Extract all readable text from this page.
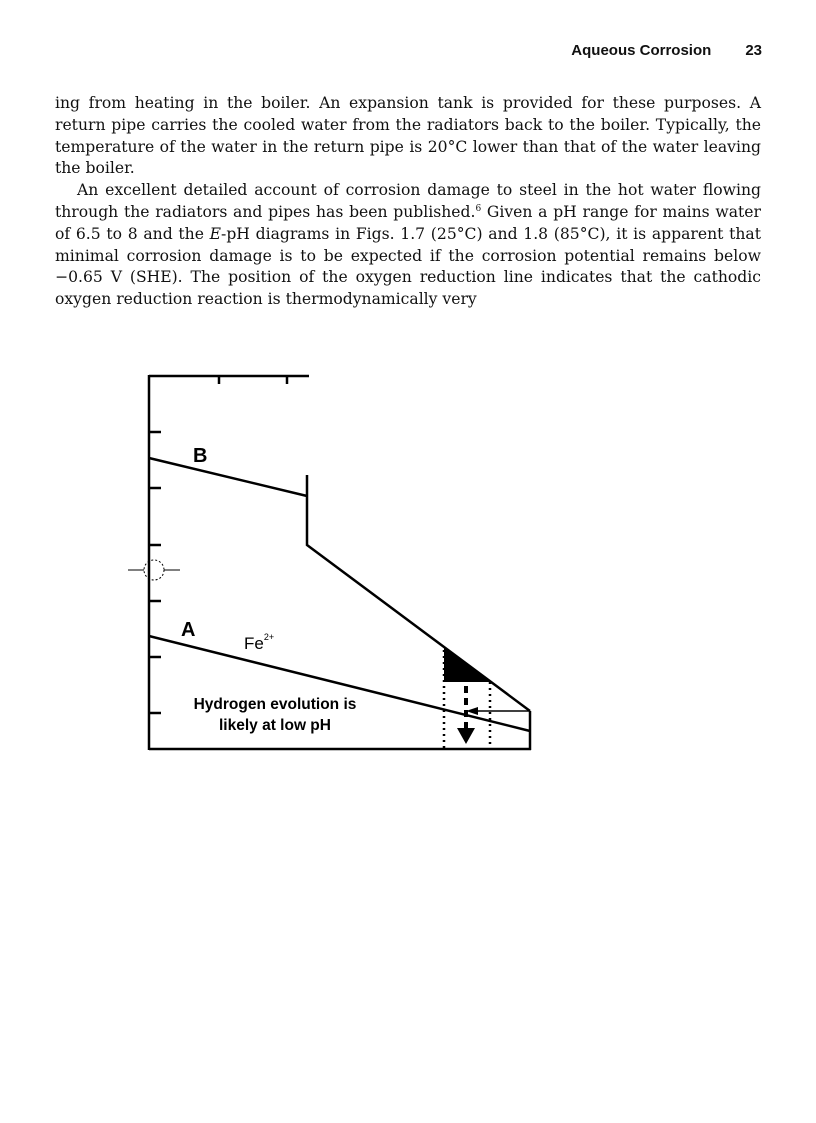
Aqueous Corrosion 23

ing from heating in the boiler. An expansion tank is provided for these purposes. A return pipe carries the cooled water from the radiators back to the boiler. Typically, the temperature of the water in the return pipe is 20°C lower than that of the water leaving the boiler.

An excellent detailed account of corrosion damage to steel in the hot water flowing through the radiators and pipes has been published.$^6$ Given a pH range for mains water of 6.5 to 8 and the E-pH diagrams in Figs. 1.7 (25°C) and 1.8 (85°C), it is apparent that minimal corrosion damage is to be expected if the corrosion potential remains below −0.65 V (SHE). The position of the oxygen reduction line indicates that the cathodic oxygen reduction reaction is thermodynamically very

B
A
$Fe^{2+}$
Hydrogen evolution is
likely at low pH
